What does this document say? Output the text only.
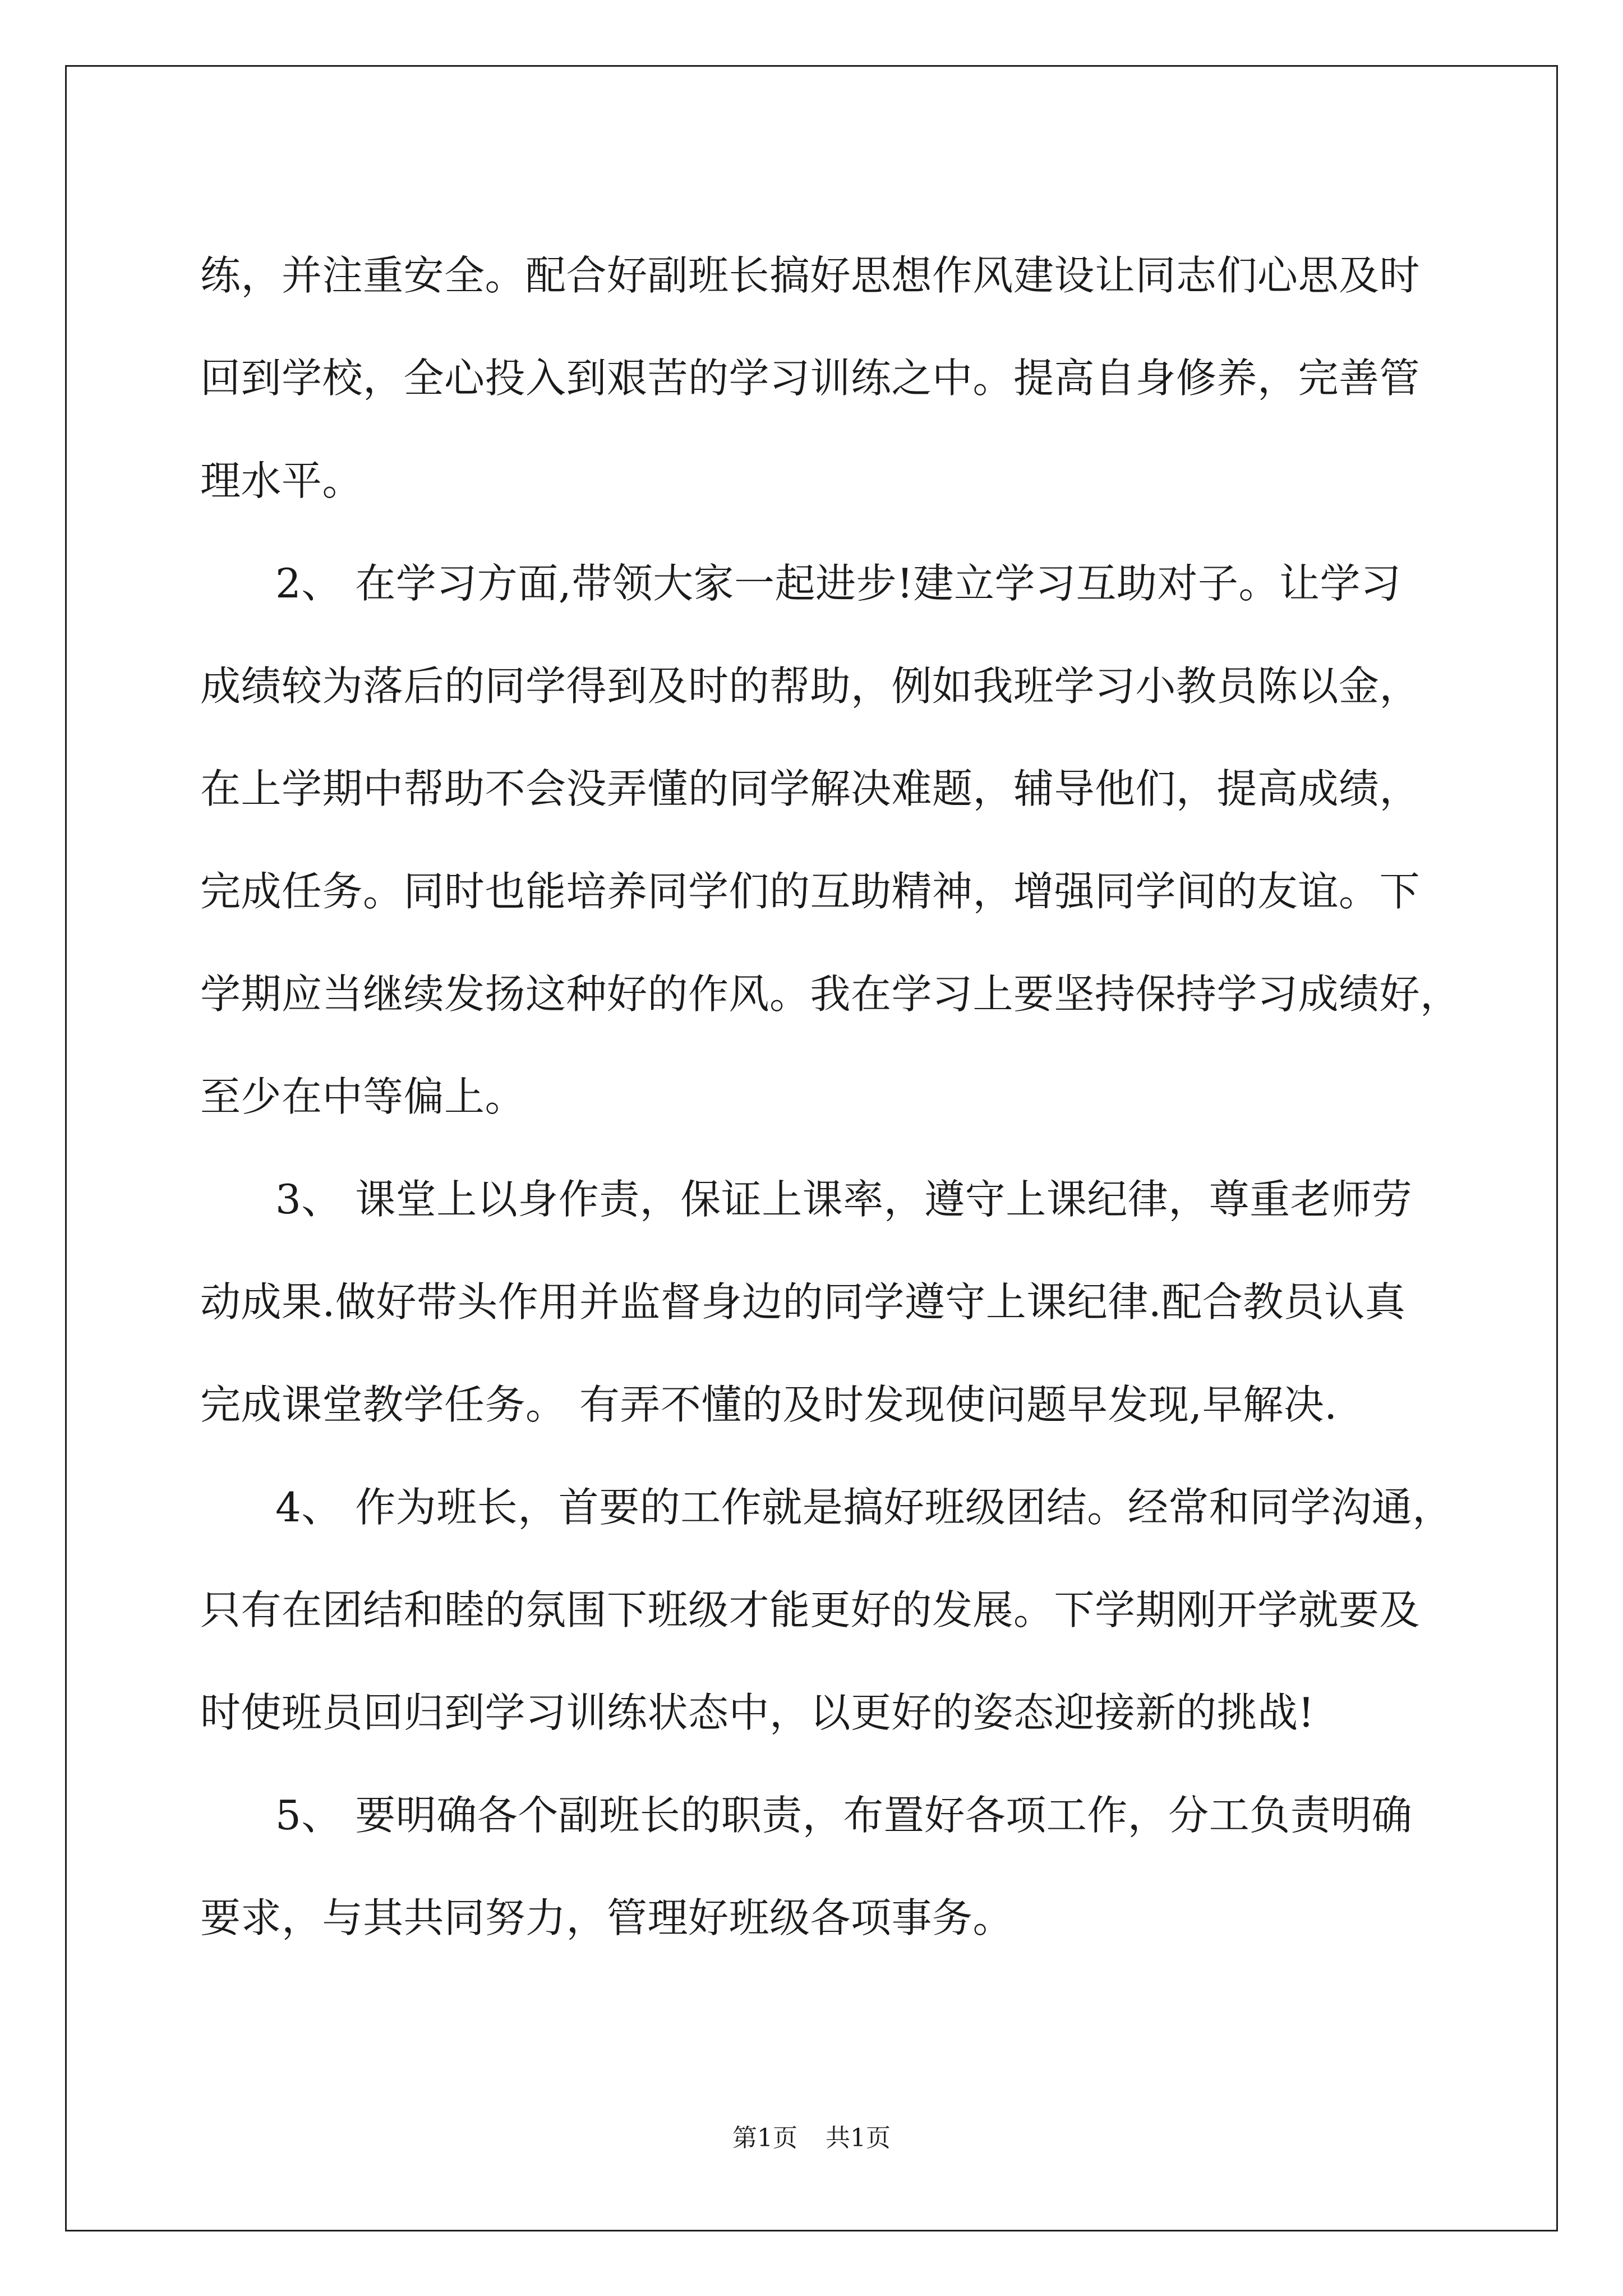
练，并注重安全。配合好副班长搞好思想作风建设让同志们心思及时
回到学校，全心投入到艰苦的学习训练之中。提高自身修养，完善管
理水平。
2、 在学习方面,带领大家一起进步!建立学习互助对子。让学习
成绩较为落后的同学得到及时的帮助，例如我班学习小教员陈以金，
在上学期中帮助不会没弄懂的同学解决难题，辅导他们，提高成绩，
完成任务。同时也能培养同学们的互助精神，增强同学间的友谊。下
学期应当继续发扬这种好的作风。我在学习上要坚持保持学习成绩好，
至少在中等偏上。
3、 课堂上以身作责，保证上课率，遵守上课纪律，尊重老师劳
动成果.做好带头作用并监督身边的同学遵守上课纪律.配合教员认真
完成课堂教学任务。 有弄不懂的及时发现使问题早发现,早解决.
4、 作为班长，首要的工作就是搞好班级团结。经常和同学沟通，
只有在团结和睦的氛围下班级才能更好的发展。下学期刚开学就要及
时使班员回归到学习训练状态中，以更好的姿态迎接新的挑战!
5、 要明确各个副班长的职责，布置好各项工作，分工负责明确
要求，与其共同努力，管理好班级各项事务。
第1页 共1页
